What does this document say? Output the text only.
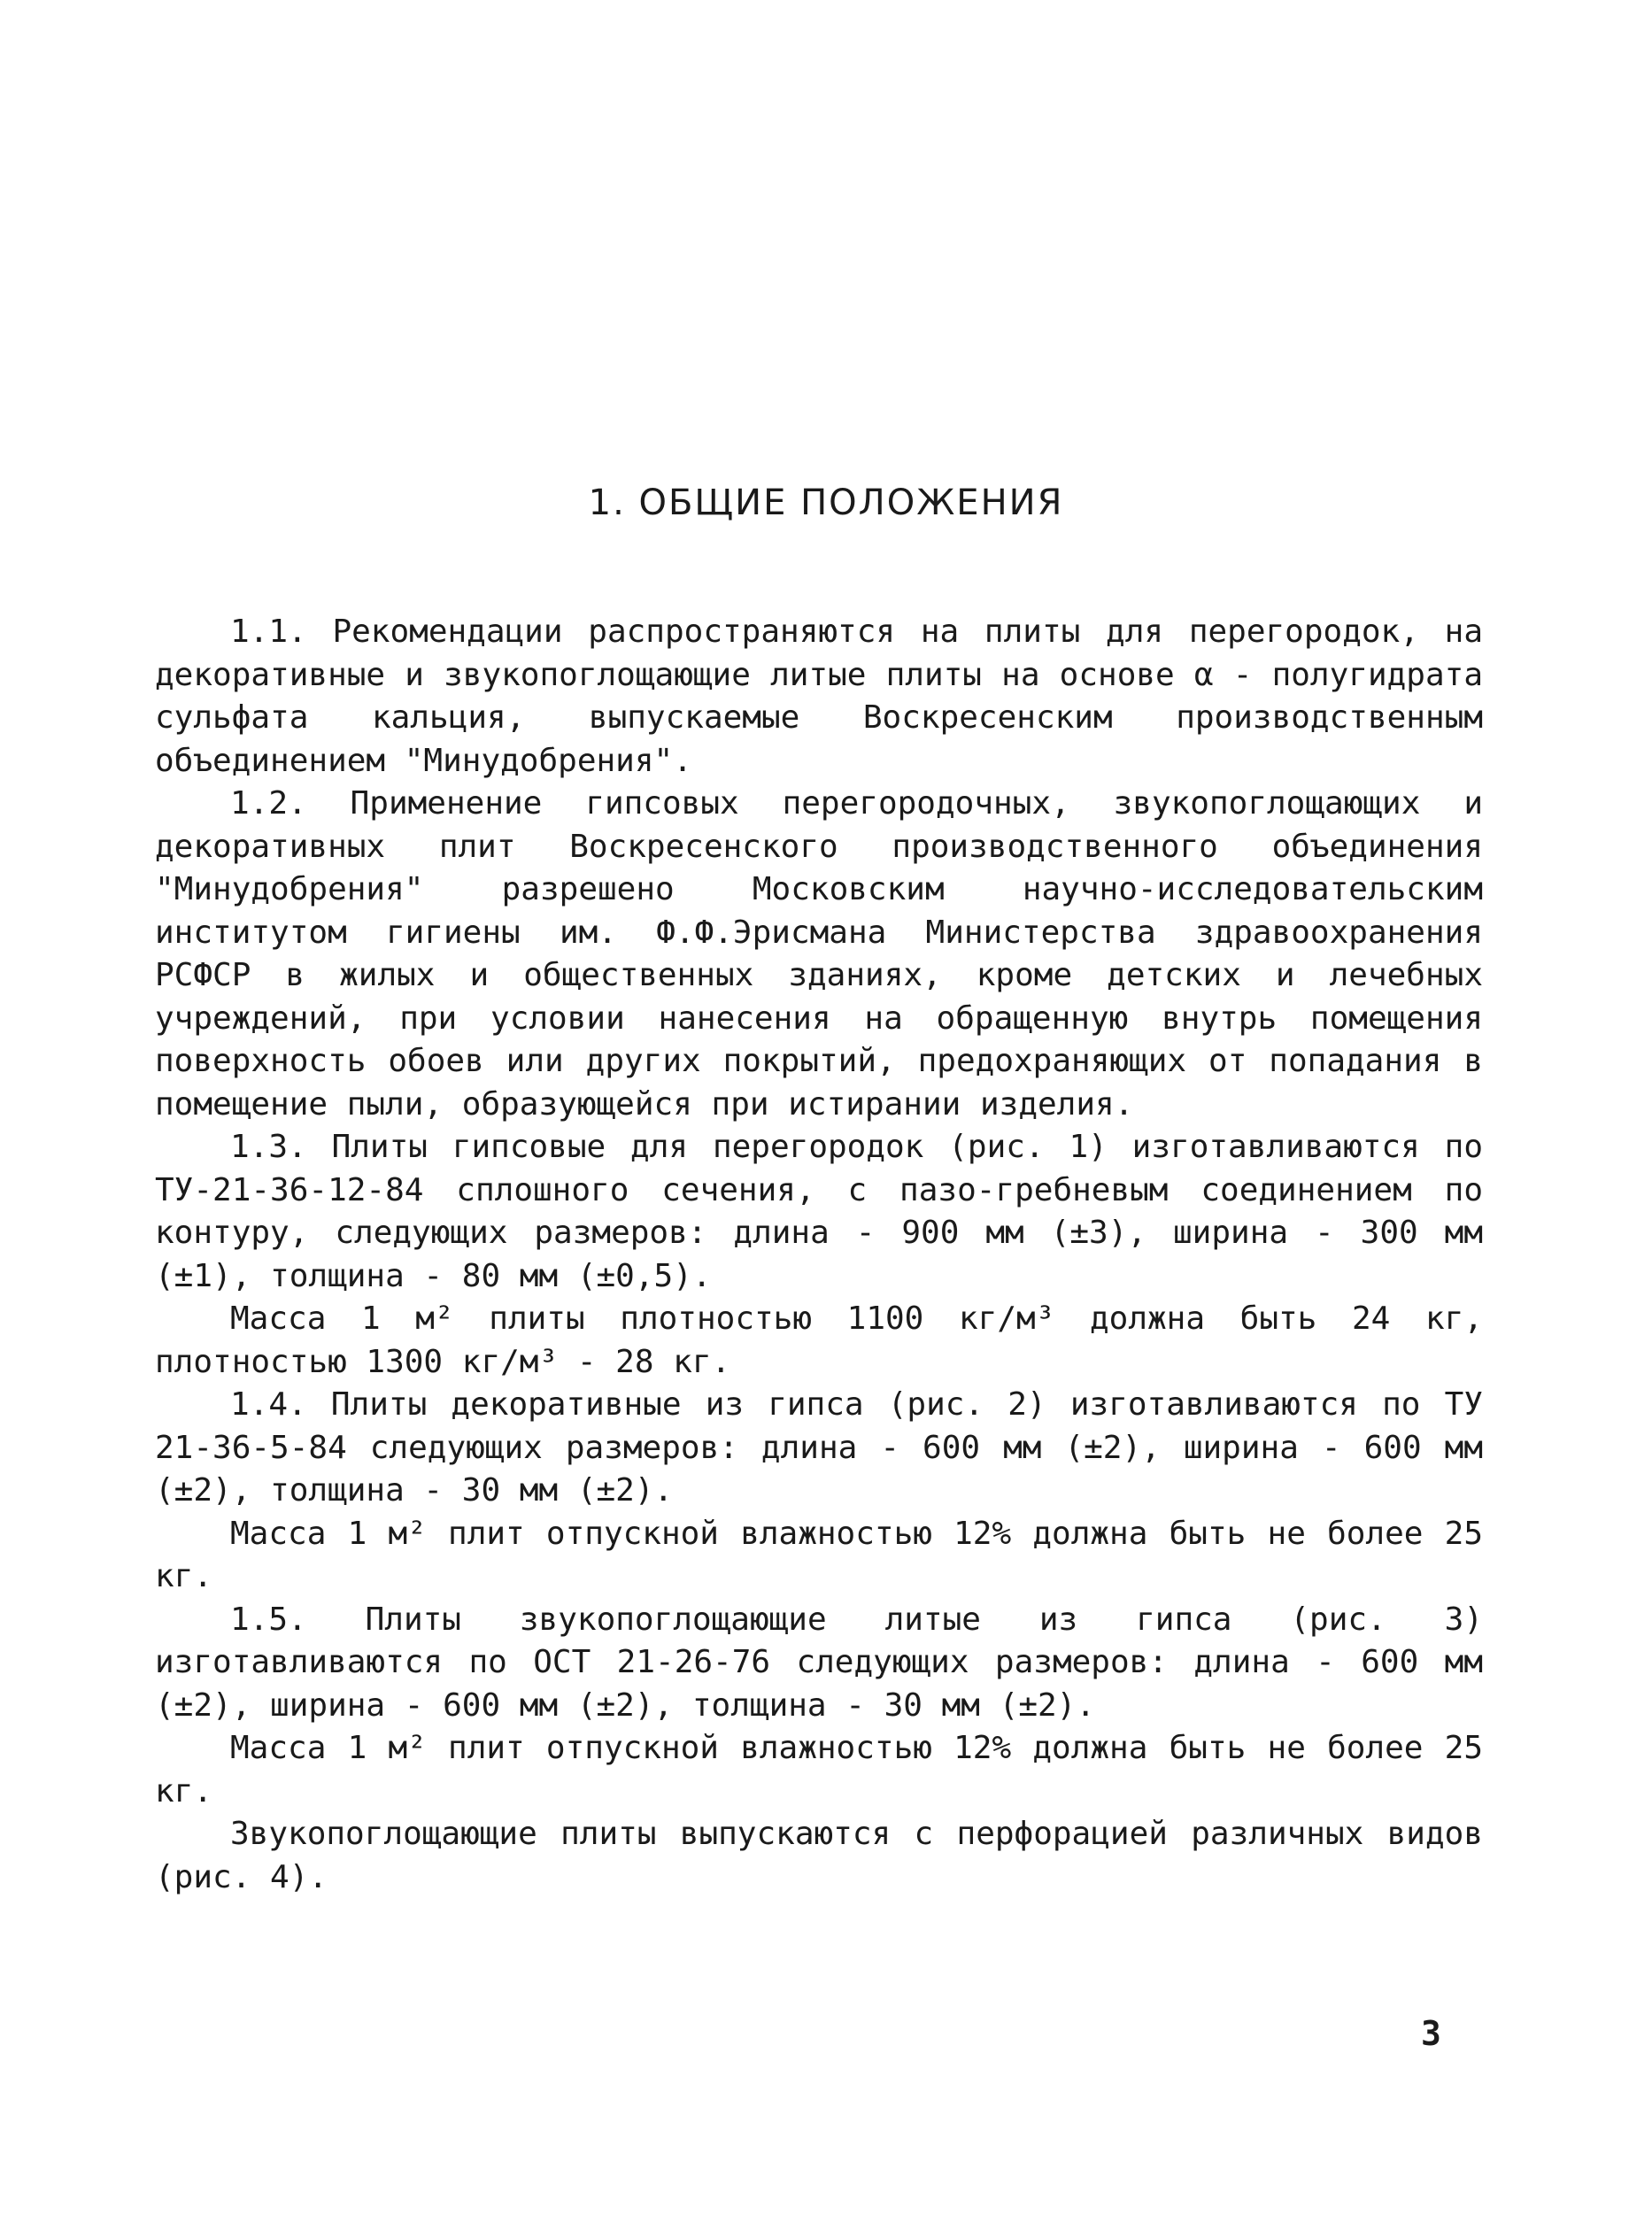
1. ОБЩИЕ ПОЛОЖЕНИЯ

1.1. Рекомендации распространяются на плиты для перегородок, на декоративные и звукопоглощающие литые плиты на основе α - полугидрата сульфата кальция, выпускаемые Воскресенским производственным объединением "Минудобрения".

1.2. Применение гипсовых перегородочных, звукопоглощающих и декоративных плит Воскресенского производственного объединения "Минудобрения" разрешено Московским научно-исследовательским институтом гигиены им. Ф.Ф.Эрисмана Министерства здравоохранения РСФСР в жилых и общественных зданиях, кроме детских и лечебных учреждений, при условии нанесения на обращенную внутрь помещения поверхность обоев или других покрытий, предохраняющих от попадания в помещение пыли, образующейся при истирании изделия.

1.3. Плиты гипсовые для перегородок (рис. 1) изготавливаются по ТУ-21-36-12-84 сплошного сечения, с пазо-гребневым соединением по контуру, следующих размеров: длина - 900 мм (±3), ширина - 300 мм (±1), толщина - 80 мм (±0,5).

Масса 1 м² плиты плотностью 1100 кг/м³ должна быть 24 кг, плотностью 1300 кг/м³ - 28 кг.

1.4. Плиты декоративные из гипса (рис. 2) изготавливаются по ТУ 21-36-5-84 следующих размеров: длина - 600 мм (±2), ширина - 600 мм (±2), толщина - 30 мм (±2).

Масса 1 м² плит отпускной влажностью 12% должна быть не более 25 кг.

1.5. Плиты звукопоглощающие литые из гипса (рис. 3) изготавливаются по ОСТ 21-26-76 следующих размеров: длина - 600 мм (±2), ширина - 600 мм (±2), толщина - 30 мм (±2).

Масса 1 м² плит отпускной влажностью 12% должна быть не более 25 кг.

Звукопоглощающие плиты выпускаются с перфорацией различных видов (рис. 4).

3
